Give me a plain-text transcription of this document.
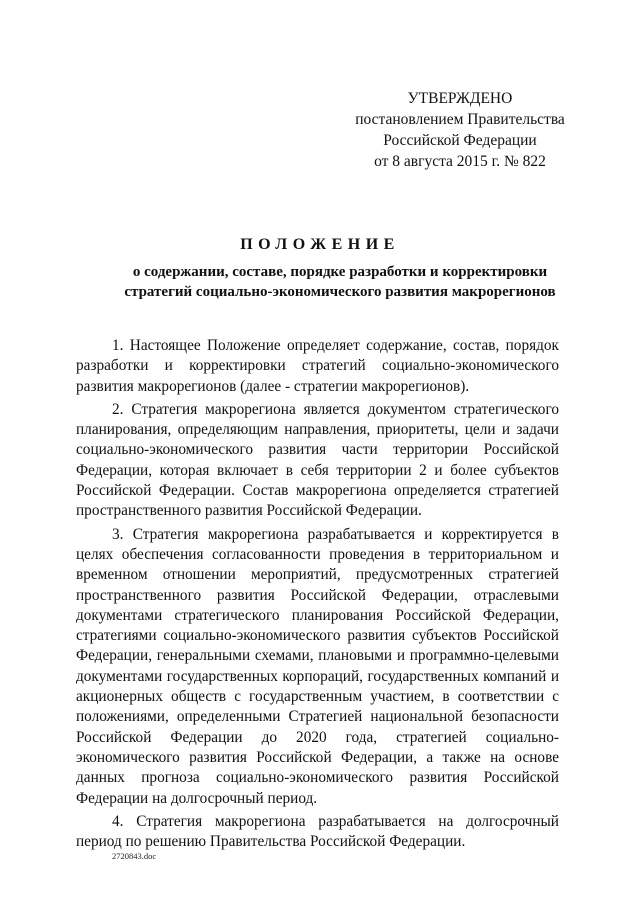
УТВЕРЖДЕНО
постановлением Правительства
Российской Федерации
от 8 августа 2015 г. № 822
ПОЛОЖЕНИЕ
о содержании, составе, порядке разработки и корректировки
стратегий социально-экономического развития макрорегионов

1. Настоящее Положение определяет содержание, состав, порядок разработки и корректировки стратегий социально-экономического развития макрорегионов (далее - стратегии макрорегионов).

2. Стратегия макрорегиона является документом стратегического планирования, определяющим направления, приоритеты, цели и задачи социально-экономического развития части территории Российской Федерации, которая включает в себя территории 2 и более субъектов Российской Федерации. Состав макрорегиона определяется стратегией пространственного развития Российской Федерации.

3. Стратегия макрорегиона разрабатывается и корректируется в целях обеспечения согласованности проведения в территориальном и временном отношении мероприятий, предусмотренных стратегией пространственного развития Российской Федерации, отраслевыми документами стратегического планирования Российской Федерации, стратегиями социально-экономического развития субъектов Российской Федерации, генеральными схемами, плановыми и программно-целевыми документами государственных корпораций, государственных компаний и акционерных обществ с государственным участием, в соответствии с положениями, определенными Стратегией национальной безопасности Российской Федерации до 2020 года, стратегией социально-экономического развития Российской Федерации, а также на основе данных прогноза социально-экономического развития Российской Федерации на долгосрочный период.

4. Стратегия макрорегиона разрабатывается на долгосрочный период по решению Правительства Российской Федерации.

2720843.doc
